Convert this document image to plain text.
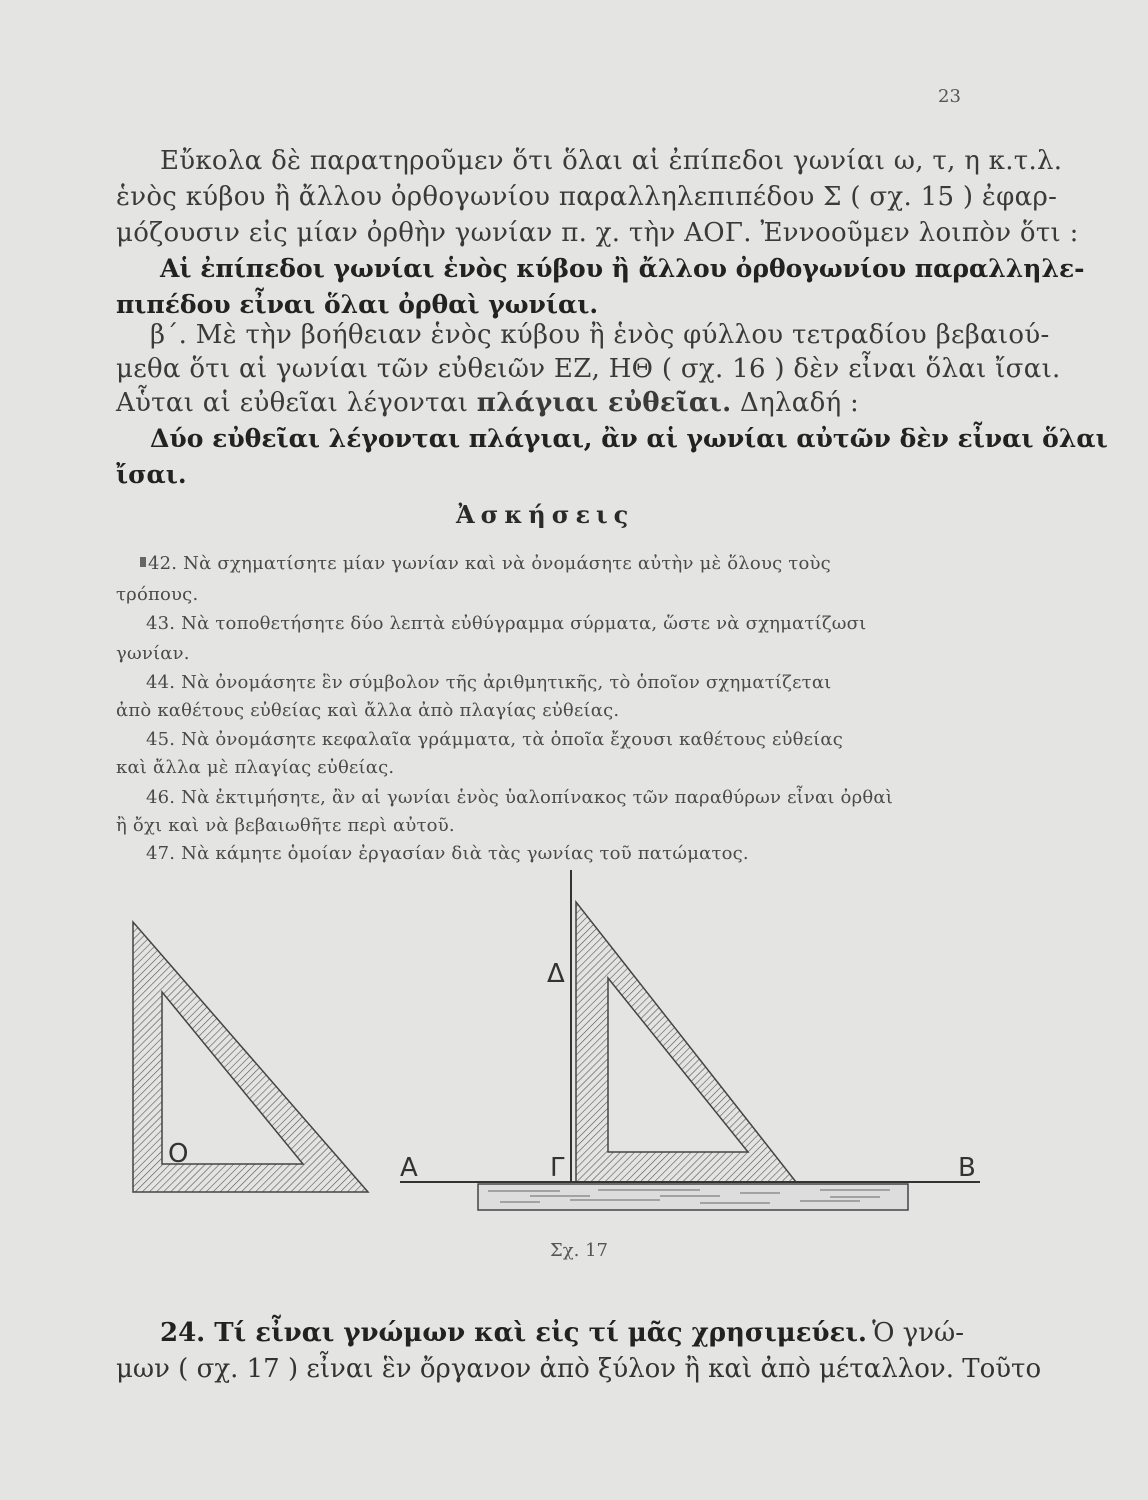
23
Εὔκολα δὲ παρατηροῦμεν ὅτι ὅλαι αἱ ἐπίπεδοι γωνίαι ω, τ, η κ.τ.λ.
ἑνὸς κύβου ἢ ἄλλου ὀρθογωνίου παραλληλεπιπέδου Σ ( σχ. 15 ) ἐφαρ-
μόζουσιν εἰς μίαν ὀρθὴν γωνίαν π. χ. τὴν ΑΟΓ. Ἐννοοῦμεν λοιπὸν ὅτι :
Αἱ ἐπίπεδοι γωνίαι ἑνὸς κύβου ἢ ἄλλου ὀρθογωνίου παραλληλε-
πιπέδου εἶναι ὅλαι ὀρθαὶ γωνίαι.
β΄. Μὲ τὴν βοήθειαν ἑνὸς κύβου ἢ ἑνὸς φύλλου τετραδίου βεβαιού-
μεθα ὅτι αἱ γωνίαι τῶν εὐθειῶν ΕΖ, ΗΘ ( σχ. 16 ) δὲν εἶναι ὅλαι ἴσαι.
Αὗται αἱ εὐθεῖαι λέγονται πλάγιαι εὐθεῖαι. Δηλαδή :
Δύο εὐθεῖαι λέγονται πλάγιαι, ἂν αἱ γωνίαι αὐτῶν δὲν εἶναι ὅλαι
ἴσαι.
Ἀσκήσεις
42. Νὰ σχηματίσητε μίαν γωνίαν καὶ νὰ ὀνομάσητε αὐτὴν μὲ ὅλους τοὺς
τρόπους.
43. Νὰ τοποθετήσητε δύο λεπτὰ εὐθύγραμμα σύρματα, ὥστε νὰ σχηματίζωσι
γωνίαν.
44. Νὰ ὀνομάσητε ἓν σύμβολον τῆς ἀριθμητικῆς, τὸ ὁποῖον σχηματίζεται
ἀπὸ καθέτους εὐθείας καὶ ἄλλα ἀπὸ πλαγίας εὐθείας.
45. Νὰ ὀνομάσητε κεφαλαῖα γράμματα, τὰ ὁποῖα ἔχουσι καθέτους εὐθείας
καὶ ἄλλα μὲ πλαγίας εὐθείας.
46. Νὰ ἐκτιμήσητε, ἂν αἱ γωνίαι ἑνὸς ὑαλοπίνακος τῶν παραθύρων εἶναι ὀρθαὶ
ἢ ὄχι καὶ νὰ βεβαιωθῆτε περὶ αὐτοῦ.
47. Νὰ κάμητε ὁμοίαν ἐργασίαν διὰ τὰς γωνίας τοῦ πατώματος.
O
Δ
A	Γ	B
Σχ. 17
24. Τί εἶναι γνώμων καὶ εἰς τί μᾶς χρησιμεύει. Ὁ γνώ-
μων ( σχ. 17 ) εἶναι ἓν ὄργανον ἀπὸ ξύλον ἢ καὶ ἀπὸ μέταλλον. Τοῦτο
